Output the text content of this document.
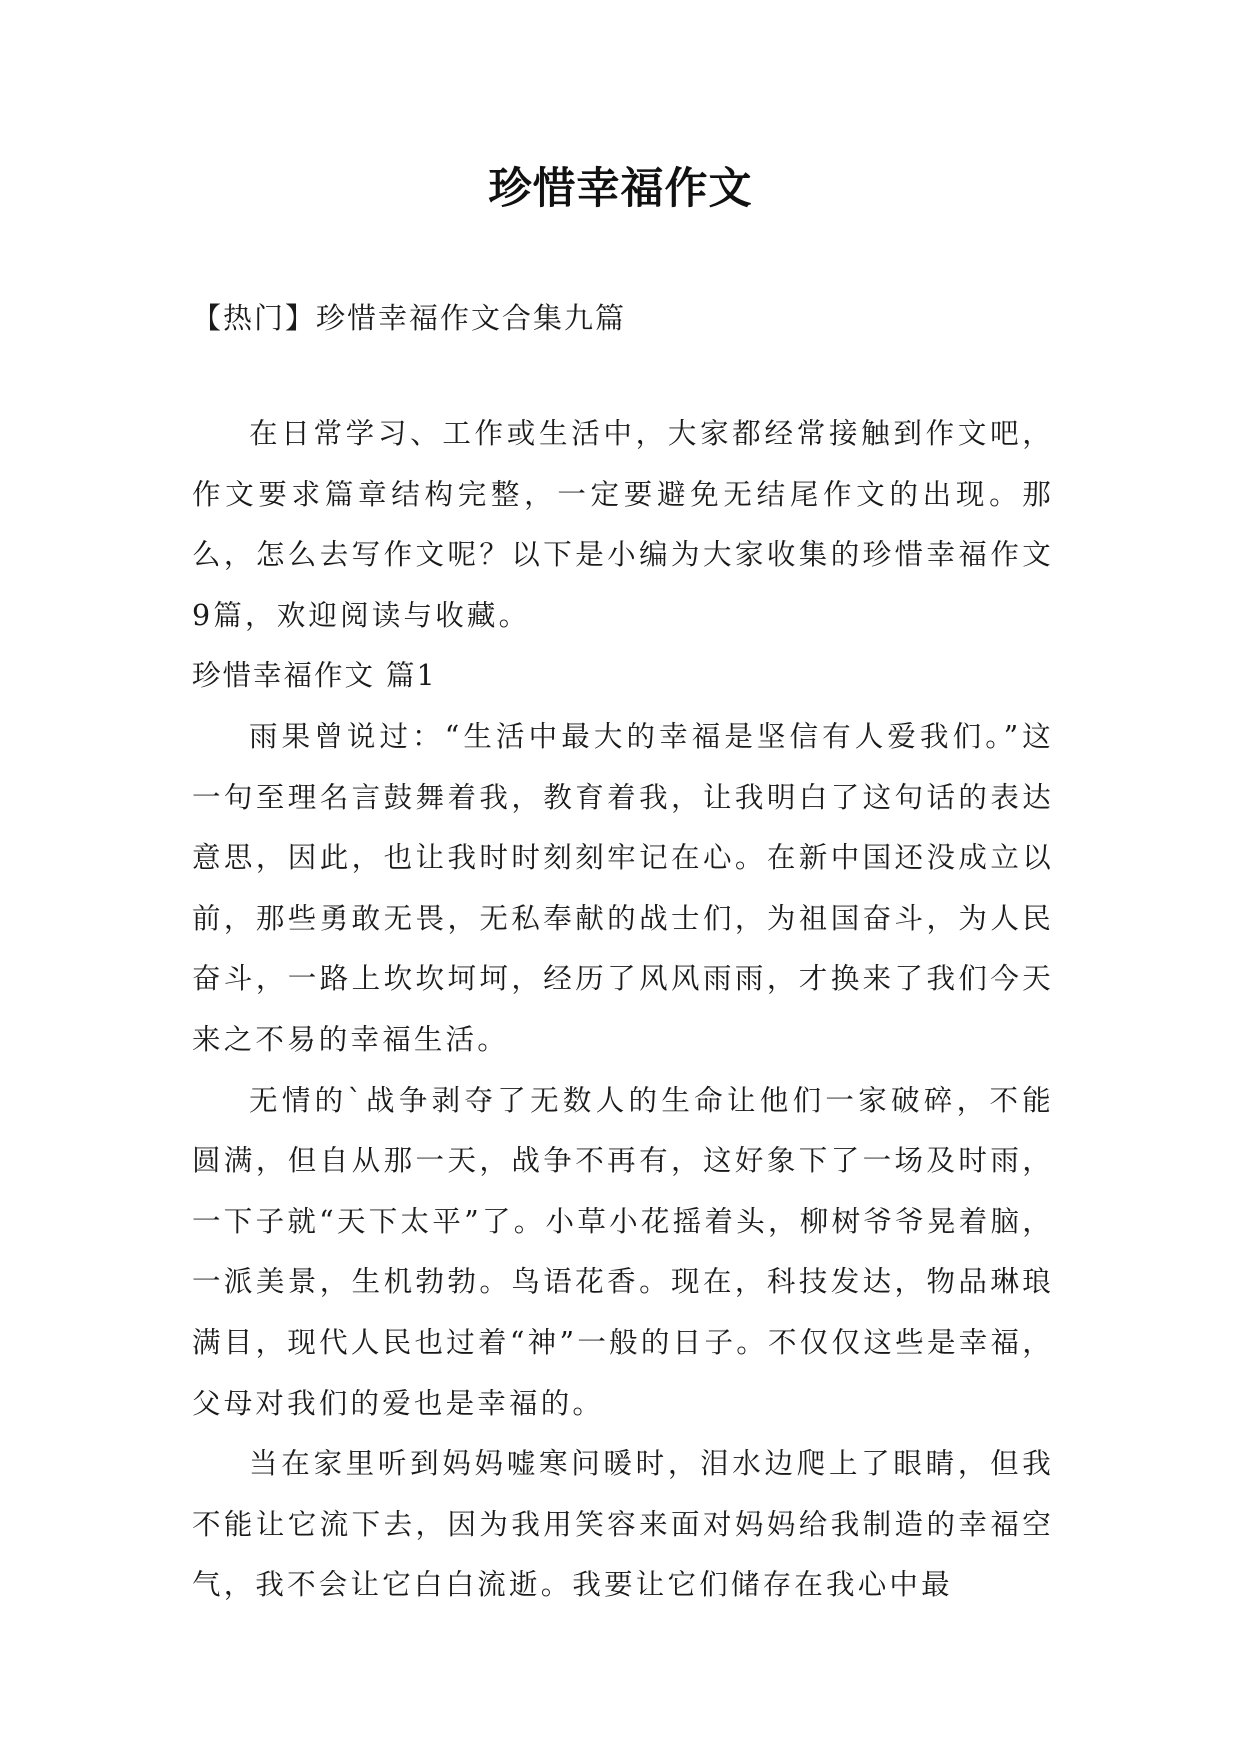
珍惜幸福作文
【热门】珍惜幸福作文合集九篇

在日常学习、工作或生活中，大家都经常接触到作文吧，作文要求篇章结构完整，一定要避免无结尾作文的出现。那么，怎么去写作文呢？以下是小编为大家收集的珍惜幸福作文9篇，欢迎阅读与收藏。

珍惜幸福作文 篇1

雨果曾说过：“生活中最大的幸福是坚信有人爱我们。”这一句至理名言鼓舞着我，教育着我，让我明白了这句话的表达意思，因此，也让我时时刻刻牢记在心。在新中国还没成立以前，那些勇敢无畏，无私奉献的战士们，为祖国奋斗，为人民奋斗，一路上坎坎坷坷，经历了风风雨雨，才换来了我们今天来之不易的幸福生活。

无情的`战争剥夺了无数人的生命让他们一家破碎，不能圆满，但自从那一天，战争不再有，这好象下了一场及时雨，一下子就“天下太平”了。小草小花摇着头，柳树爷爷晃着脑，一派美景，生机勃勃。鸟语花香。现在，科技发达，物品琳琅满目，现代人民也过着“神”一般的日子。不仅仅这些是幸福，父母对我们的爱也是幸福的。

当在家里听到妈妈嘘寒问暖时，泪水边爬上了眼睛，但我不能让它流下去，因为我用笑容来面对妈妈给我制造的幸福空气，我不会让它白白流逝。我要让它们储存在我心中最
